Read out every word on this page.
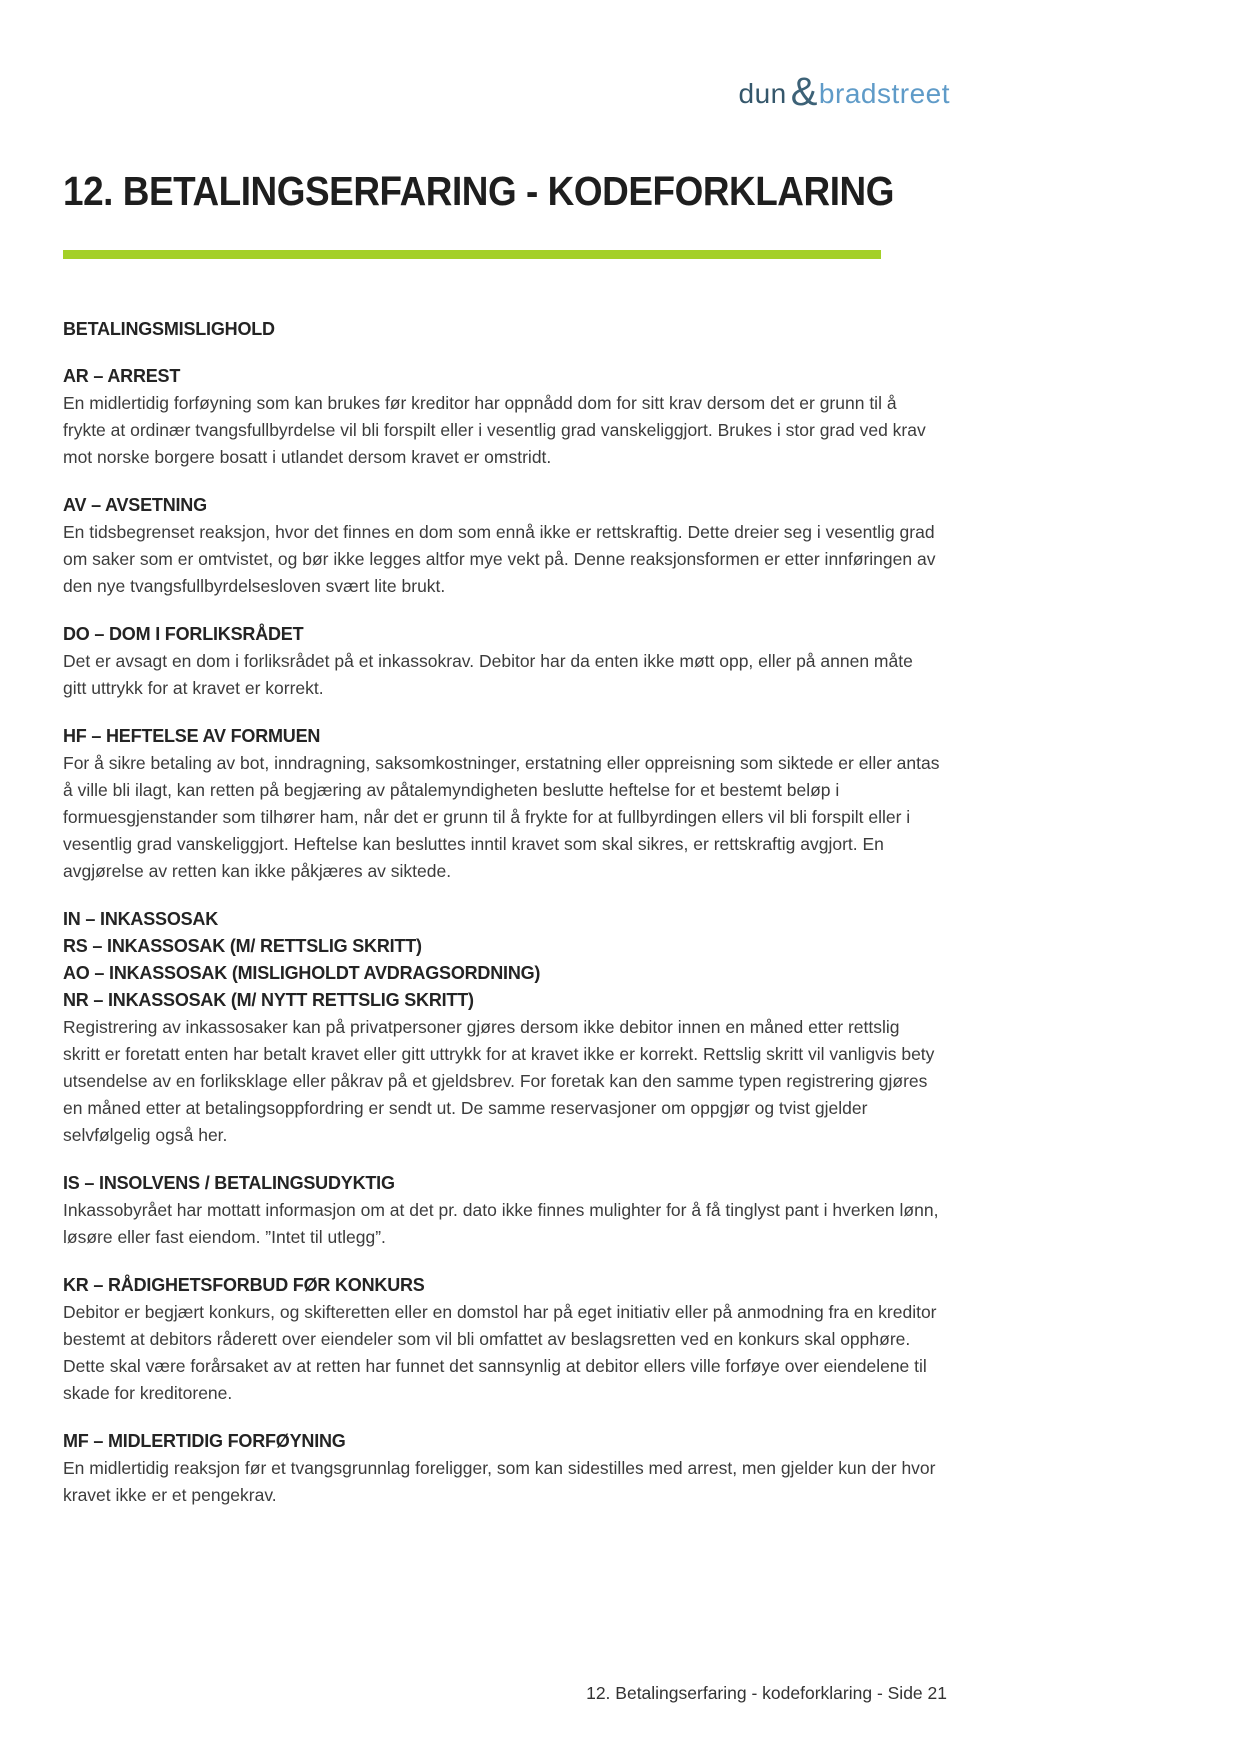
dun & bradstreet
12. BETALINGSERFARING - KODEFORKLARING
BETALINGSMISLIGHOLD
AR – ARREST

En midlertidig forføyning som kan brukes før kreditor har oppnådd dom for sitt krav dersom det er grunn til å frykte at ordinær tvangsfullbyrdelse vil bli forspilt eller i vesentlig grad vanskeliggjort. Brukes i stor grad ved krav mot norske borgere bosatt i utlandet dersom kravet er omstridt.

AV – AVSETNING

En tidsbegrenset reaksjon, hvor det finnes en dom som ennå ikke er rettskraftig. Dette dreier seg i vesentlig grad om saker som er omtvistet, og bør ikke legges altfor mye vekt på. Denne reaksjonsformen er etter innføringen av den nye tvangsfullbyrdelsesloven svært lite brukt.

DO – DOM I FORLIKSRÅDET

Det er avsagt en dom i forliksrådet på et inkassokrav. Debitor har da enten ikke møtt opp, eller på annen måte gitt uttrykk for at kravet er korrekt.

HF – HEFTELSE AV FORMUEN

For å sikre betaling av bot, inndragning, saksomkostninger, erstatning eller oppreisning som siktede er eller antas å ville bli ilagt, kan retten på begjæring av påtalemyndigheten beslutte heftelse for et bestemt beløp i formuesgjenstander som tilhører ham, når det er grunn til å frykte for at fullbyrdingen ellers vil bli forspilt eller i vesentlig grad vanskeliggjort. Heftelse kan besluttes inntil kravet som skal sikres, er rettskraftig avgjort. En avgjørelse av retten kan ikke påkjæres av siktede.

IN – INKASSOSAK
RS – INKASSOSAK (M/ RETTSLIG SKRITT)
AO – INKASSOSAK (MISLIGHOLDT AVDRAGSORDNING)
NR – INKASSOSAK (M/ NYTT RETTSLIG SKRITT)

Registrering av inkassosaker kan på privatpersoner gjøres dersom ikke debitor innen en måned etter rettslig skritt er foretatt enten har betalt kravet eller gitt uttrykk for at kravet ikke er korrekt. Rettslig skritt vil vanligvis bety utsendelse av en forliksklage eller påkrav på et gjeldsbrev. For foretak kan den samme typen registrering gjøres en måned etter at betalingsoppfordring er sendt ut. De samme reservasjoner om oppgjør og tvist gjelder selvfølgelig også her.

IS – INSOLVENS / BETALINGSUDYKTIG

Inkassobyrået har mottatt informasjon om at det pr. dato ikke finnes mulighter for å få tinglyst pant i hverken lønn, løsøre eller fast eiendom. ”Intet til utlegg”.

KR – RÅDIGHETSFORBUD FØR KONKURS

Debitor er begjært konkurs, og skifteretten eller en domstol har på eget initiativ eller på anmodning fra en kreditor bestemt at debitors råderett over eiendeler som vil bli omfattet av beslagsretten ved en konkurs skal opphøre. Dette skal være forårsaket av at retten har funnet det sannsynlig at debitor ellers ville forføye over eiendelene til skade for kreditorene.

MF – MIDLERTIDIG FORFØYNING

En midlertidig reaksjon før et tvangsgrunnlag foreligger, som kan sidestilles med arrest, men gjelder kun der hvor kravet ikke er et pengekrav.

12. Betalingserfaring - kodeforklaring - Side 21
